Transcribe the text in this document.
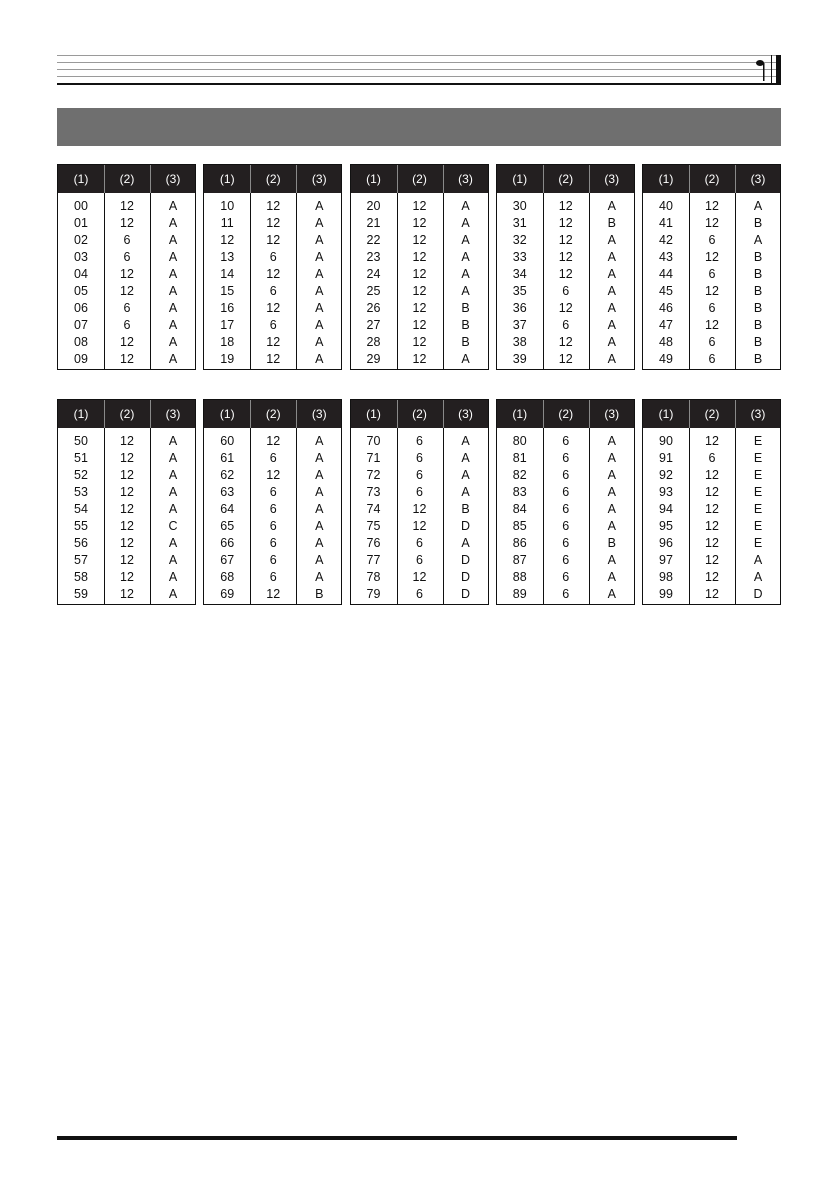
(1)	(2)	(3)
00	12	A
01	12	A
02	6	A
03	6	A
04	12	A
05	12	A
06	6	A
07	6	A
08	12	A
09	12	A
(1)	(2)	(3)
10	12	A
11	12	A
12	12	A
13	6	A
14	12	A
15	6	A
16	12	A
17	6	A
18	12	A
19	12	A
(1)	(2)	(3)
20	12	A
21	12	A
22	12	A
23	12	A
24	12	A
25	12	A
26	12	B
27	12	B
28	12	B
29	12	A
(1)	(2)	(3)
30	12	A
31	12	B
32	12	A
33	12	A
34	12	A
35	6	A
36	12	A
37	6	A
38	12	A
39	12	A
(1)	(2)	(3)
40	12	A
41	12	B
42	6	A
43	12	B
44	6	B
45	12	B
46	6	B
47	12	B
48	6	B
49	6	B
(1)	(2)	(3)
50	12	A
51	12	A
52	12	A
53	12	A
54	12	A
55	12	C
56	12	A
57	12	A
58	12	A
59	12	A
(1)	(2)	(3)
60	12	A
61	6	A
62	12	A
63	6	A
64	6	A
65	6	A
66	6	A
67	6	A
68	6	A
69	12	B
(1)	(2)	(3)
70	6	A
71	6	A
72	6	A
73	6	A
74	12	B
75	12	D
76	6	A
77	6	D
78	12	D
79	6	D
(1)	(2)	(3)
80	6	A
81	6	A
82	6	A
83	6	A
84	6	A
85	6	A
86	6	B
87	6	A
88	6	A
89	6	A
(1)	(2)	(3)
90	12	E
91	6	E
92	12	E
93	12	E
94	12	E
95	12	E
96	12	E
97	12	A
98	12	A
99	12	D
